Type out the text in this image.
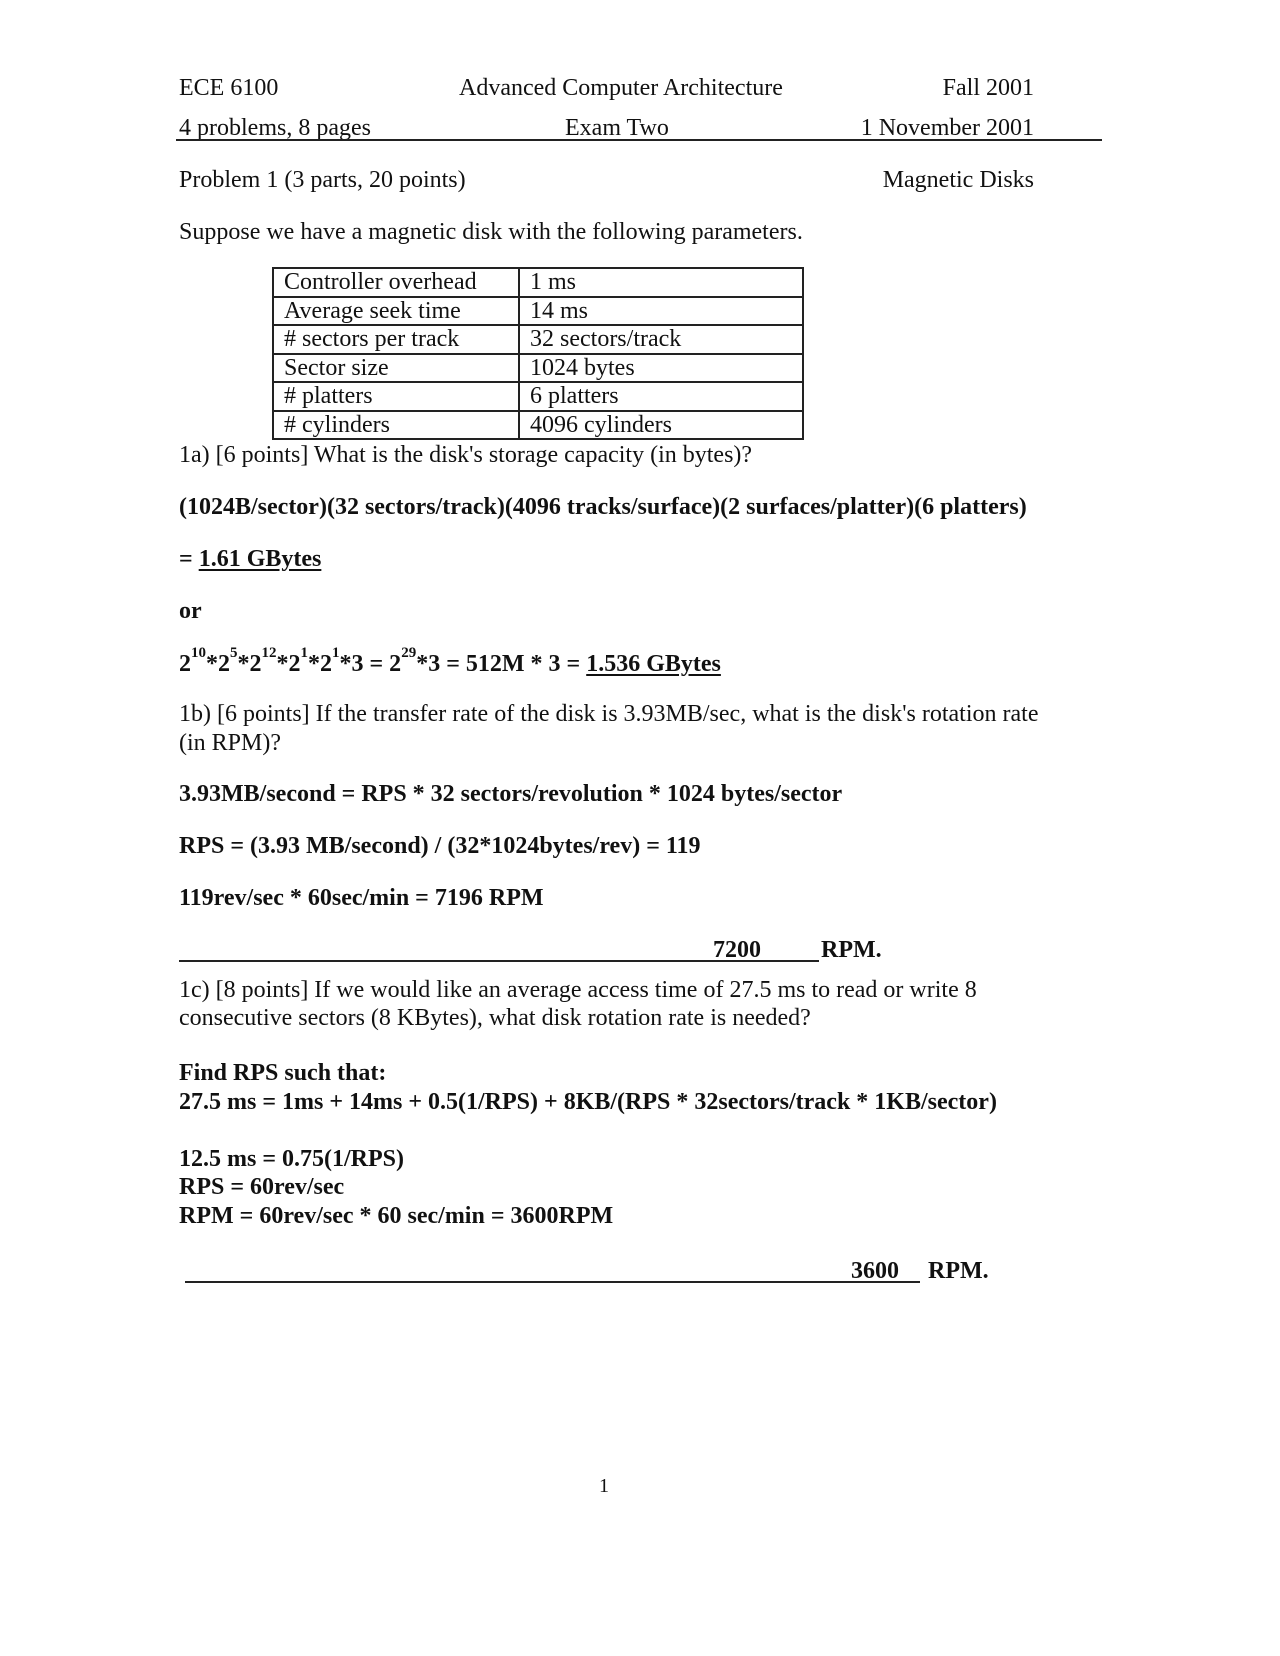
ECE 6100	Advanced Computer Architecture	Fall 2001
4 problems, 8 pages	Exam Two	1 November 2001
Problem 1 (3 parts, 20 points)	Magnetic Disks
Suppose we have a magnetic disk with the following parameters.
Controller overhead	1 ms
Average seek time	14 ms
# sectors per track	32 sectors/track
Sector size	1024 bytes
# platters	6 platters
# cylinders	4096 cylinders
1a) [6 points] What is the disk's storage capacity (in bytes)?
(1024B/sector)(32 sectors/track)(4096 tracks/surface)(2 surfaces/platter)(6 platters)
= 1.61 GBytes
or
$2^{10}*2^5*2^{12}*2^1*2^1*3 = 2^{29}*3 = 512M * 3 = 1.536$ GBytes
1b) [6 points] If the transfer rate of the disk is 3.93MB/sec, what is the disk's rotation rate
(in RPM)?
3.93MB/second = RPS * 32 sectors/revolution * 1024 bytes/sector
RPS = (3.93 MB/second) / (32*1024bytes/rev) = 119
119rev/sec * 60sec/min = 7196 RPM
7200	RPM.
1c) [8 points] If we would like an average access time of 27.5 ms to read or write 8
consecutive sectors (8 KBytes), what disk rotation rate is needed?
Find RPS such that:
27.5 ms = 1ms + 14ms + 0.5(1/RPS) + 8KB/(RPS * 32sectors/track * 1KB/sector)
12.5 ms = 0.75(1/RPS)
RPS = 60rev/sec
RPM = 60rev/sec * 60 sec/min = 3600RPM
3600 RPM.
1
